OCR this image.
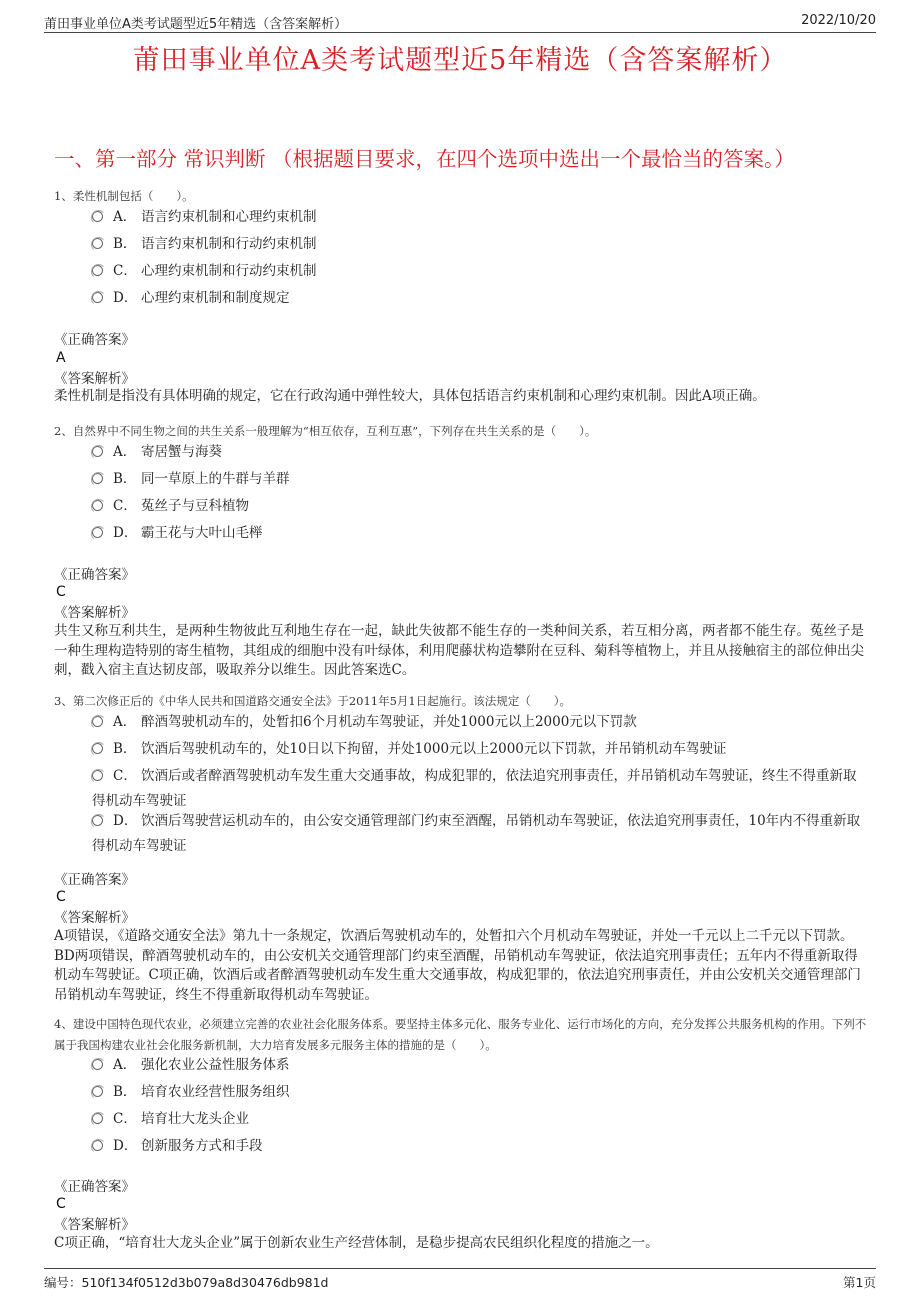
莆田事业单位A类考试题型近5年精选（含答案解析）	2022/10/20
莆田事业单位A类考试题型近5年精选（含答案解析）
一、第一部分 常识判断 （根据题目要求，在四个选项中选出一个最恰当的答案。）
1、柔性机制包括（　　）。
A． 语言约束机制和心理约束机制
B． 语言约束机制和行动约束机制
C． 心理约束机制和行动约束机制
D． 心理约束机制和制度规定
《正确答案》
A
《答案解析》
柔性机制是指没有具体明确的规定，它在行政沟通中弹性较大，具体包括语言约束机制和心理约束机制。因此A项正确。
2、自然界中不同生物之间的共生关系一般理解为“相互依存，互利互惠”，下列存在共生关系的是（　　）。
A． 寄居蟹与海葵
B． 同一草原上的牛群与羊群
C． 菟丝子与豆科植物
D． 霸王花与大叶山毛榉
《正确答案》
C
《答案解析》
共生又称互利共生，是两种生物彼此互利地生存在一起，缺此失彼都不能生存的一类种间关系，若互相分离，两者都不能生存。菟丝子是一种生理构造特别的寄生植物，其组成的细胞中没有叶绿体，利用爬藤状构造攀附在豆科、菊科等植物上，并且从接触宿主的部位伸出尖刺，戳入宿主直达韧皮部，吸取养分以维生。因此答案选C。
3、第二次修正后的《中华人民共和国道路交通安全法》于2011年5月1日起施行。该法规定（　　）。
A． 醉酒驾驶机动车的，处暂扣6个月机动车驾驶证，并处1000元以上2000元以下罚款
B． 饮酒后驾驶机动车的，处10日以下拘留，并处1000元以上2000元以下罚款，并吊销机动车驾驶证
C． 饮酒后或者醉酒驾驶机动车发生重大交通事故，构成犯罪的，依法追究刑事责任，并吊销机动车驾驶证，终生不得重新取得机动车驾驶证
D． 饮酒后驾驶营运机动车的，由公安交通管理部门约束至酒醒，吊销机动车驾驶证，依法追究刑事责任，10年内不得重新取得机动车驾驶证
《正确答案》
C
《答案解析》
A项错误，《道路交通安全法》第九十一条规定，饮酒后驾驶机动车的，处暂扣六个月机动车驾驶证，并处一千元以上二千元以下罚款。BD两项错误，醉酒驾驶机动车的，由公安机关交通管理部门约束至酒醒，吊销机动车驾驶证，依法追究刑事责任；五年内不得重新取得机动车驾驶证。C项正确，饮酒后或者醉酒驾驶机动车发生重大交通事故，构成犯罪的，依法追究刑事责任，并由公安机关交通管理部门吊销机动车驾驶证，终生不得重新取得机动车驾驶证。
4、建设中国特色现代农业，必须建立完善的农业社会化服务体系。要坚持主体多元化、服务专业化、运行市场化的方向，充分发挥公共服务机构的作用。下列不属于我国构建农业社会化服务新机制，大力培育发展多元服务主体的措施的是（　　）。
A． 强化农业公益性服务体系
B． 培育农业经营性服务组织
C． 培育壮大龙头企业
D． 创新服务方式和手段
《正确答案》
C
《答案解析》
C项正确，“培育壮大龙头企业”属于创新农业生产经营体制，是稳步提高农民组织化程度的措施之一。
编号：510f134f0512d3b079a8d30476db981d	第1页
